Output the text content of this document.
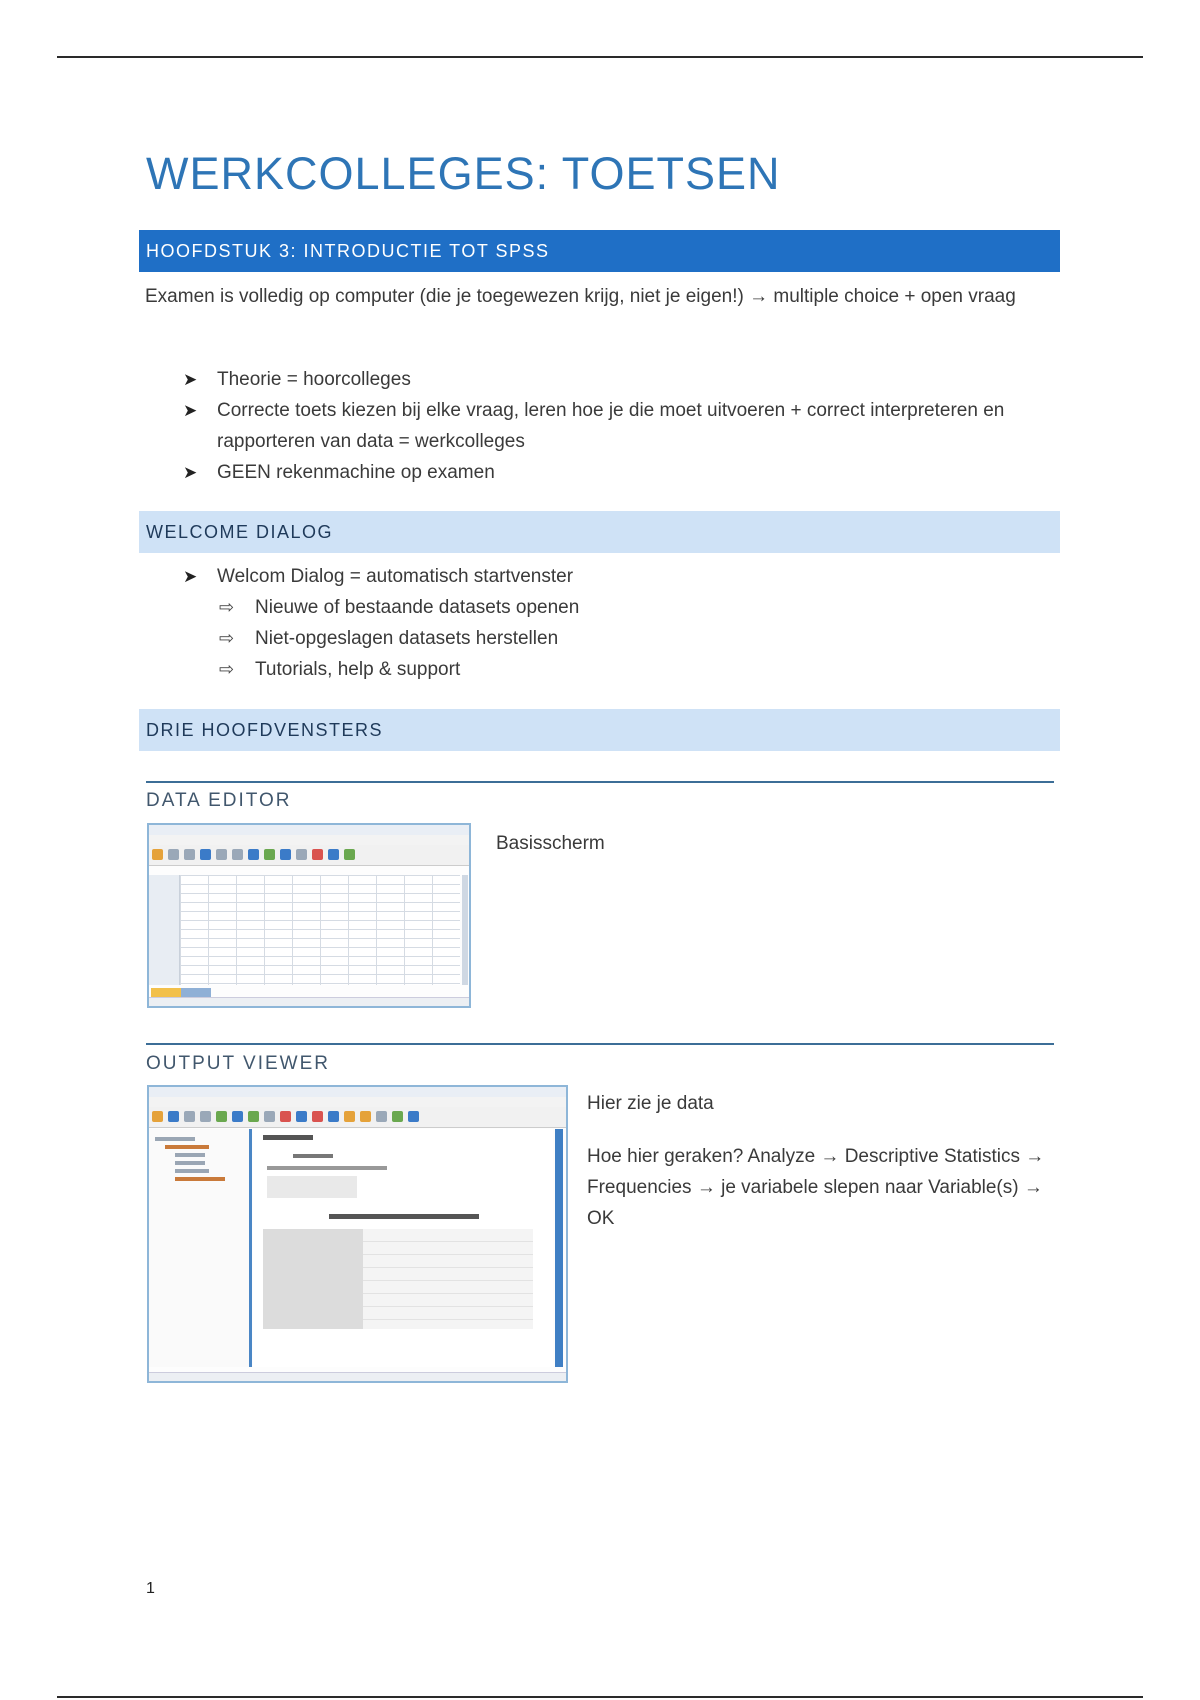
WERKCOLLEGES: TOETSEN
HOOFDSTUK 3: INTRODUCTIE TOT SPSS
Examen is volledig op computer (die je toegewezen krijg, niet je eigen!) → multiple choice + open vraag
➤ Theorie = hoorcolleges
➤ Correcte toets kiezen bij elke vraag, leren hoe je die moet uitvoeren + correct interpreteren en rapporteren van data = werkcolleges
➤ GEEN rekenmachine op examen
WELCOME DIALOG
➤ Welcom Dialog = automatisch startvenster
⇨ Nieuwe of bestaande datasets openen
⇨ Niet-opgeslagen datasets herstellen
⇨ Tutorials, help & support
DRIE HOOFDVENSTERS
DATA EDITOR
Basisscherm
OUTPUT VIEWER
Hier zie je data
Hoe hier geraken? Analyze → Descriptive Statistics → Frequencies → je variabele slepen naar Variable(s) → OK
1
